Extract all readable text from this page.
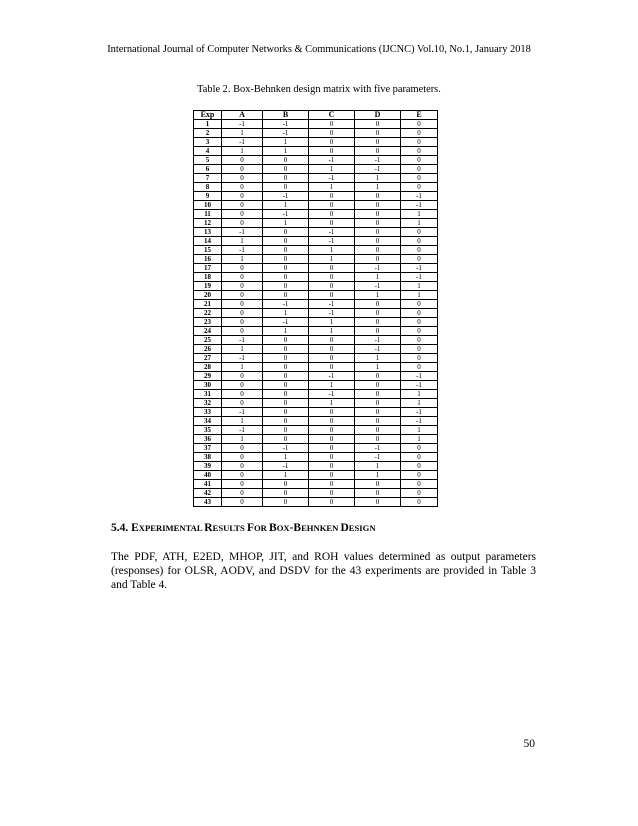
International Journal of Computer Networks & Communications (IJCNC) Vol.10, No.1, January 2018
Table 2. Box-Behnken design matrix with five parameters.
Exp	A	B	C	D	E
1	-1	-1	0	0	0
2	1	-1	0	0	0
3	-1	1	0	0	0
4	1	1	0	0	0
5	0	0	-1	-1	0
6	0	0	1	-1	0
7	0	0	-1	1	0
8	0	0	1	1	0
9	0	-1	0	0	-1
10	0	1	0	0	-1
11	0	-1	0	0	1
12	0	1	0	0	1
13	-1	0	-1	0	0
14	1	0	-1	0	0
15	-1	0	1	0	0
16	1	0	1	0	0
17	0	0	0	-1	-1
18	0	0	0	1	-1
19	0	0	0	-1	1
20	0	0	0	1	1
21	0	-1	-1	0	0
22	0	1	-1	0	0
23	0	-1	1	0	0
24	0	1	1	0	0
25	-1	0	0	-1	0
26	1	0	0	-1	0
27	-1	0	0	1	0
28	1	0	0	1	0
29	0	0	-1	0	-1
30	0	0	1	0	-1
31	0	0	-1	0	1
32	0	0	1	0	1
33	-1	0	0	0	-1
34	1	0	0	0	-1
35	-1	0	0	0	1
36	1	0	0	0	1
37	0	-1	0	-1	0
38	0	1	0	-1	0
39	0	-1	0	1	0
40	0	1	0	1	0
41	0	0	0	0	0
42	0	0	0	0	0
43	0	0	0	0	0
5.4. EXPERIMENTAL RESULTS FOR BOX-BEHNKEN DESIGN
The PDF, ATH, E2ED, MHOP, JIT, and ROH values determined as output parameters (responses) for OLSR, AODV, and DSDV for the 43 experiments are provided in Table 3 and Table 4.
50
